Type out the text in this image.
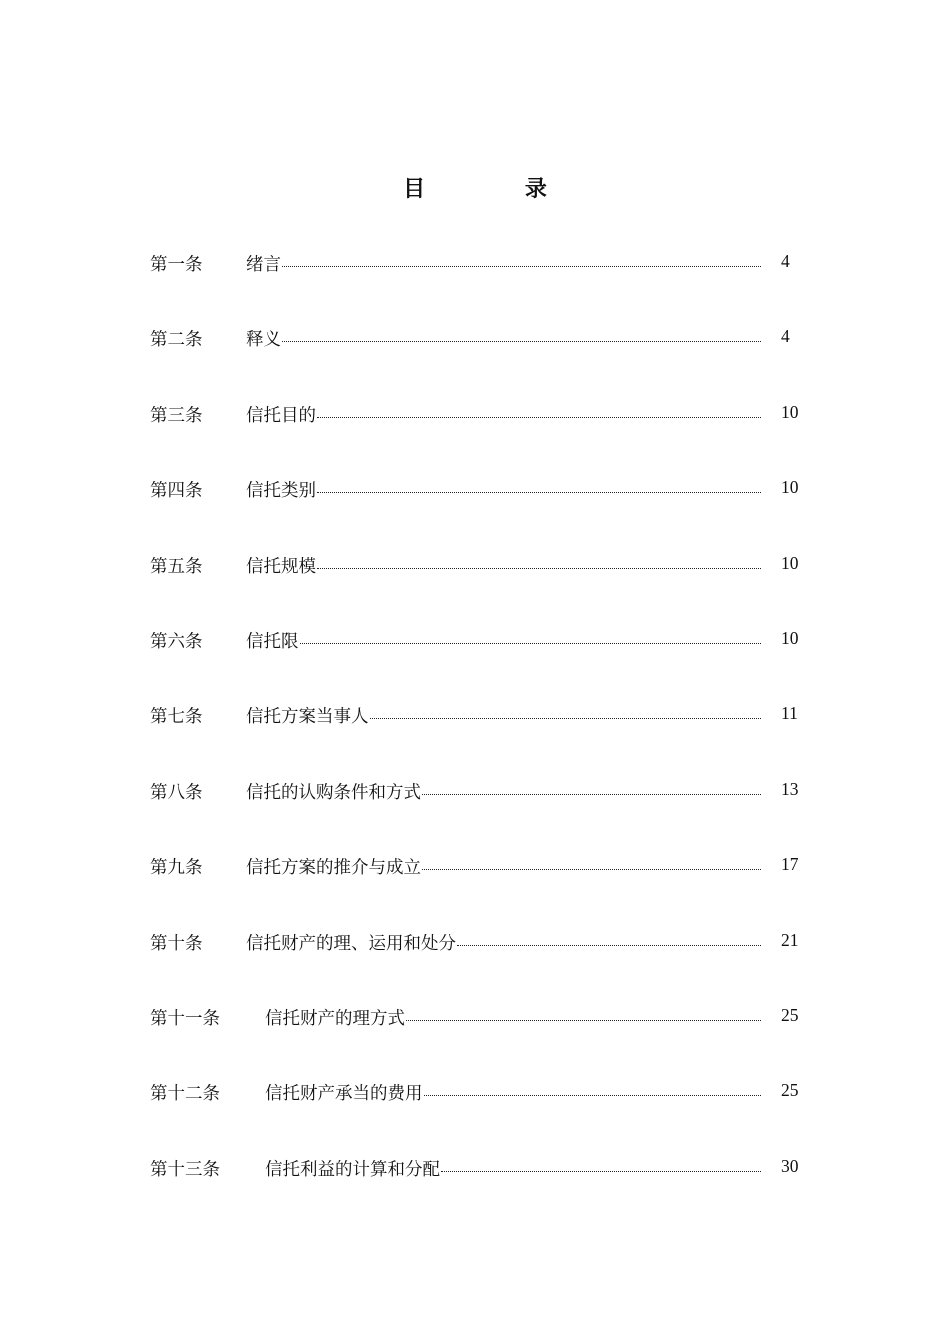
目 录
第一条 绪言	4
第二条 释义	4
第三条 信托目的	10
第四条 信托类别	10
第五条 信托规模	10
第六条 信托限	10
第七条 信托方案当事人	11
第八条 信托的认购条件和方式	13
第九条 信托方案的推介与成立	17
第十条 信托财产的理、运用和处分	21
第十一条	信托财产的理方式	25
第十二条	信托财产承当的费用	25
第十三条	信托利益的计算和分配	30
